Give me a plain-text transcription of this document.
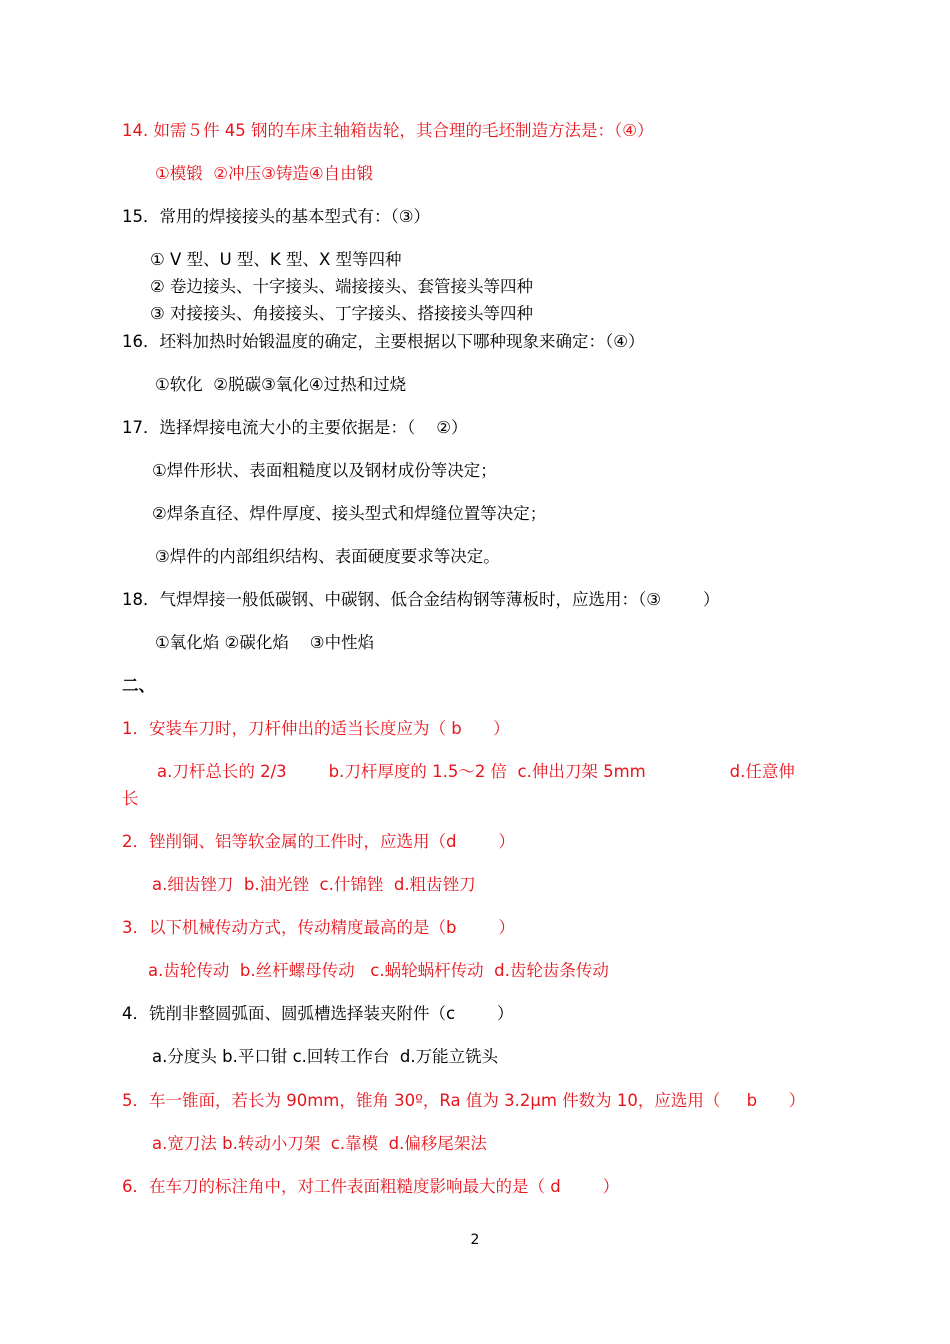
14. 如需５件 45 钢的车床主轴箱齿轮，其合理的毛坯制造方法是：（④）
①模锻  ②冲压③铸造④自由锻
15．常用的焊接接头的基本型式有：（③）
① V 型、U 型、K 型、X 型等四种
② 卷边接头、十字接头、端接接头、套管接头等四种
③ 对接接头、角接接头、丁字接头、搭接接头等四种
16．坯料加热时始锻温度的确定，主要根据以下哪种现象来确定：（④）
①软化  ②脱碳③氧化④过热和过烧
17．选择焊接电流大小的主要依据是：（    ②）
①焊件形状、表面粗糙度以及钢材成份等决定；
②焊条直径、焊件厚度、接头型式和焊缝位置等决定；
③焊件的内部组织结构、表面硬度要求等决定。
18．气焊焊接一般低碳钢、中碳钢、低合金结构钢等薄板时，应选用：（③        ）
①氧化焰 ②碳化焰    ③中性焰
二、
1．安装车刀时，刀杆伸出的适当长度应为（ b      ）
a.刀杆总长的 2/3        b.刀杆厚度的 1.5～2 倍  c.伸出刀架 5mm                d.任意伸
长
2．锉削铜、铝等软金属的工件时，应选用（d        ）
a.细齿锉刀  b.油光锉  c.什锦锉  d.粗齿锉刀
3．以下机械传动方式，传动精度最高的是（b        ）
a.齿轮传动  b.丝杆螺母传动   c.蜗轮蜗杆传动  d.齿轮齿条传动
4．铣削非整圆弧面、圆弧槽选择装夹附件（c        ）
a.分度头 b.平口钳 c.回转工作台  d.万能立铣头
5．车一锥面，若长为 90mm，锥角 30º，Ra 值为 3.2μm 件数为 10，应选用（     b      ）
a.宽刀法 b.转动小刀架  c.靠模  d.偏移尾架法
6．在车刀的标注角中，对工件表面粗糙度影响最大的是（ d        ）
2
